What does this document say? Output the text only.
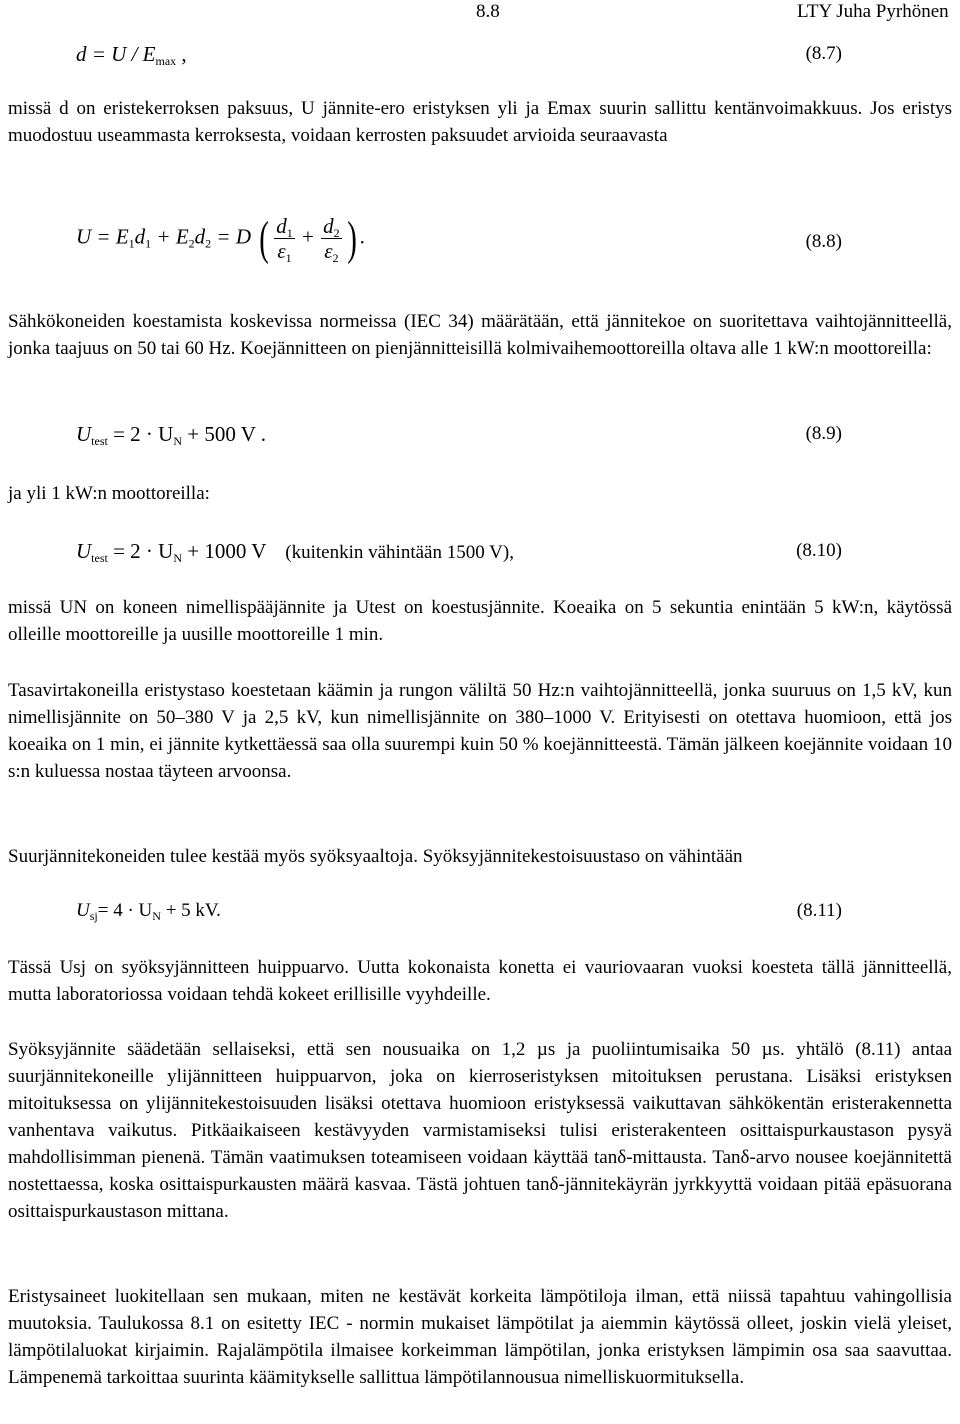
8.8	LTY Juha Pyrhönen
$d = U / E_{max}$ ,	(8.7)

missä d on eristekerroksen paksuus, U jännite-ero eristyksen yli ja Emax suurin sallittu kentänvoimakkuus. Jos eristys muodostuu useammasta kerroksesta, voidaan kerrosten paksuudet arvioida seuraavasta

$U = E_1d_1 + E_2d_2 = D$ ( $\frac{d_1}{\varepsilon_1} + \frac{d_2}{\varepsilon_2}$ ) .	(8.8)

Sähkökoneiden koestamista koskevissa normeissa (IEC 34) määrätään, että jännitekoe on suoritettava vaihtojännitteellä, jonka taajuus on 50 tai 60 Hz. Koejännitteen on pienjännitteisillä kolmivaihemoottoreilla oltava alle 1 kW:n moottoreilla:

$U_{test} = 2 \cdot U_N + 500$ V .	(8.9)

ja yli 1 kW:n moottoreilla:

$U_{test} = 2 \cdot U_N + 1000$ V (kuitenkin vähintään 1500 V),	(8.10)

missä UN on koneen nimellispääjännite ja Utest on koestusjännite. Koeaika on 5 sekuntia enintään 5 kW:n, käytössä olleille moottoreille ja uusille moottoreille 1 min.

Tasavirtakoneilla eristystaso koestetaan käämin ja rungon väliltä 50 Hz:n vaihtojännitteellä, jonka suuruus on 1,5 kV, kun nimellisjännite on 50–380 V ja 2,5 kV, kun nimellisjännite on 380–1000 V. Erityisesti on otettava huomioon, että jos koeaika on 1 min, ei jännite kytkettäessä saa olla suurempi kuin 50 % koejännitteestä. Tämän jälkeen koejännite voidaan 10 s:n kuluessa nostaa täyteen arvoonsa.

Suurjännitekoneiden tulee kestää myös syöksyaaltoja. Syöksyjännitekestoisuustaso on vähintään

$U_{sj}= 4 \cdot U_N + 5$ kV.	(8.11)

Tässä Usj on syöksyjännitteen huippuarvo. Uutta kokonaista konetta ei vauriovaaran vuoksi koesteta tällä jännitteellä, mutta laboratoriossa voidaan tehdä kokeet erillisille vyyhdeille.

Syöksyjännite säädetään sellaiseksi, että sen nousuaika on 1,2 µs ja puoliintumisaika 50 µs. yhtälö (8.11) antaa suurjännitekoneille ylijännitteen huippuarvon, joka on kierroseristyksen mitoituksen perustana. Lisäksi eristyksen mitoituksessa on ylijännitekestoisuuden lisäksi otettava huomioon eristyksessä vaikuttavan sähkökentän eristerakennetta vanhentava vaikutus. Pitkäaikaiseen kestävyyden varmistamiseksi tulisi eristerakenteen osittaispurkaustason pysyä mahdollisimman pienenä. Tämän vaatimuksen toteamiseen voidaan käyttää tanδ-mittausta. Tanδ-arvo nousee koejännitettä nostettaessa, koska osittaispurkausten määrä kasvaa. Tästä johtuen tanδ-jännitekäyrän jyrkkyyttä voidaan pitää epäsuorana osittaispurkaustason mittana.

Eristysaineet luokitellaan sen mukaan, miten ne kestävät korkeita lämpötiloja ilman, että niissä tapahtuu vahingollisia muutoksia. Taulukossa 8.1 on esitetty IEC - normin mukaiset lämpötilat ja aiemmin käytössä olleet, joskin vielä yleiset, lämpötilaluokat kirjaimin. Rajalämpötila ilmaisee korkeimman lämpötilan, jonka eristyksen lämpimin osa saa saavuttaa. Lämpenemä tarkoittaa suurinta käämitykselle sallittua lämpötilannousua nimelliskuormituksella.
